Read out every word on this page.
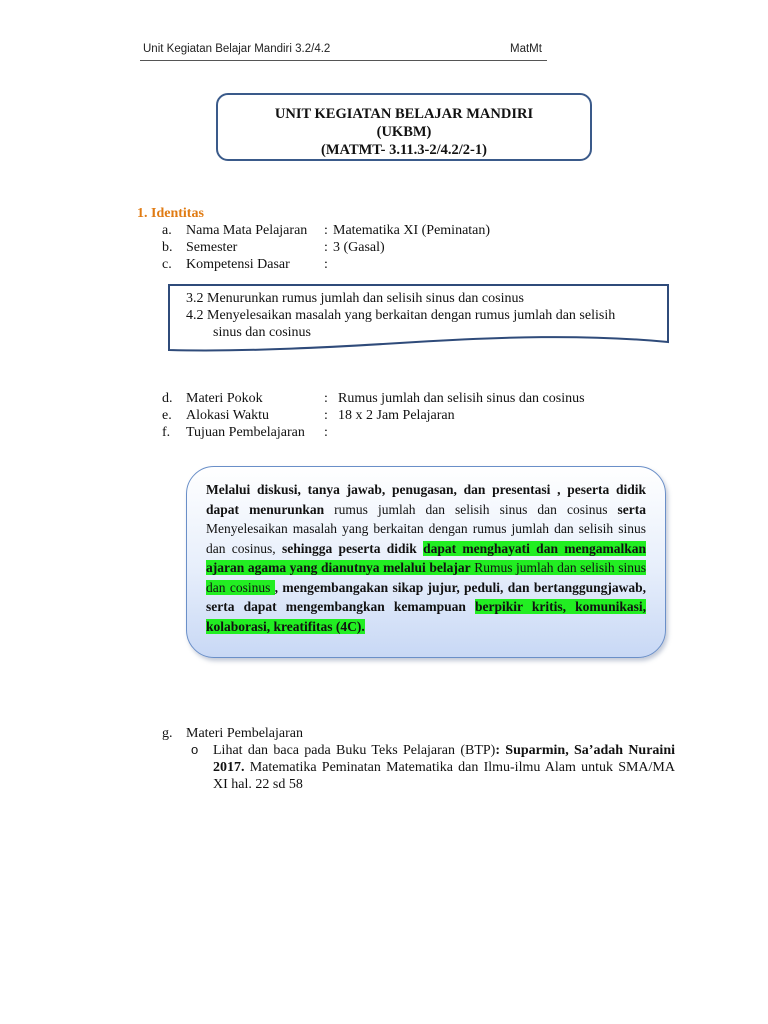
Unit Kegiatan Belajar Mandiri 3.2/4.2	MatMt
UNIT KEGIATAN BELAJAR MANDIRI
(UKBM)
(MATMT- 3.11.3-2/4.2/2-1)
1. Identitas
a. Nama Mata Pelajaran : Matematika XI (Peminatan)
b. Semester	: 3 (Gasal)
c. Kompetensi Dasar :
3.2 Menurunkan rumus jumlah dan selisih sinus dan cosinus
4.2 Menyelesaikan masalah yang berkaitan dengan rumus jumlah dan selisih
sinus dan cosinus
d. Materi Pokok	: Rumus jumlah dan selisih sinus dan cosinus
e. Alokasi Waktu	: 18 x 2 Jam Pelajaran
f. Tujuan Pembelajaran :
Melalui diskusi, tanya jawab, penugasan, dan presentasi , peserta didik dapat menurunkan rumus jumlah dan selisih sinus dan cosinus serta Menyelesaikan masalah yang berkaitan dengan rumus jumlah dan selisih sinus dan cosinus, sehingga peserta didik dapat menghayati dan mengamalkan ajaran agama yang dianutnya melalui belajar Rumus jumlah dan selisih sinus dan cosinus , mengembangakan sikap jujur, peduli, dan bertanggungjawab, serta dapat mengembangkan kemampuan berpikir kritis, komunikasi, kolaborasi, kreatifitas (4C).
g. Materi Pembelajaran
o Lihat dan baca pada Buku Teks Pelajaran (BTP): Suparmin, Sa’adah Nuraini 2017. Matematika Peminatan Matematika dan Ilmu-ilmu Alam untuk SMA/MA XI hal. 22 sd 58
